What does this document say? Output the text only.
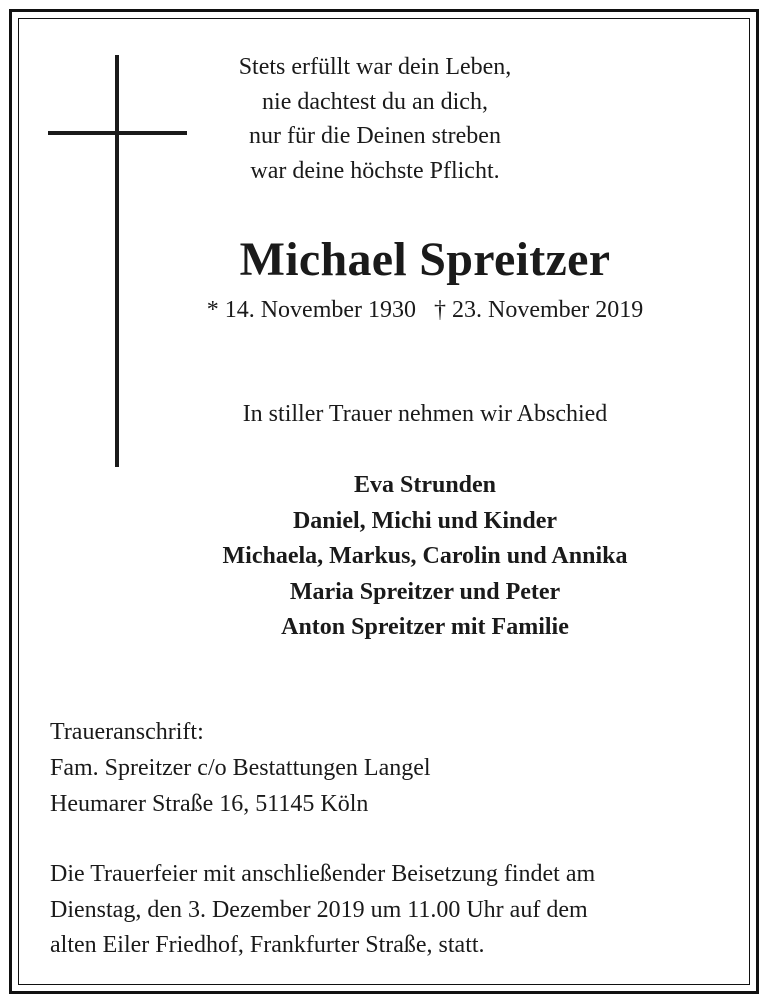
Stets erfüllt war dein Leben,
nie dachtest du an dich,
nur für die Deinen streben
war deine höchste Pflicht.
Michael Spreitzer
* 14. November 1930 † 23. November 2019
In stiller Trauer nehmen wir Abschied
Eva Strunden
Daniel, Michi und Kinder
Michaela, Markus, Carolin und Annika
Maria Spreitzer und Peter
Anton Spreitzer mit Familie
Traueranschrift:
Fam. Spreitzer c/o Bestattungen Langel
Heumarer Straße 16, 51145 Köln
Die Trauerfeier mit anschließender Beisetzung findet am
Dienstag, den 3. Dezember 2019 um 11.00 Uhr auf dem
alten Eiler Friedhof, Frankfurter Straße, statt.
